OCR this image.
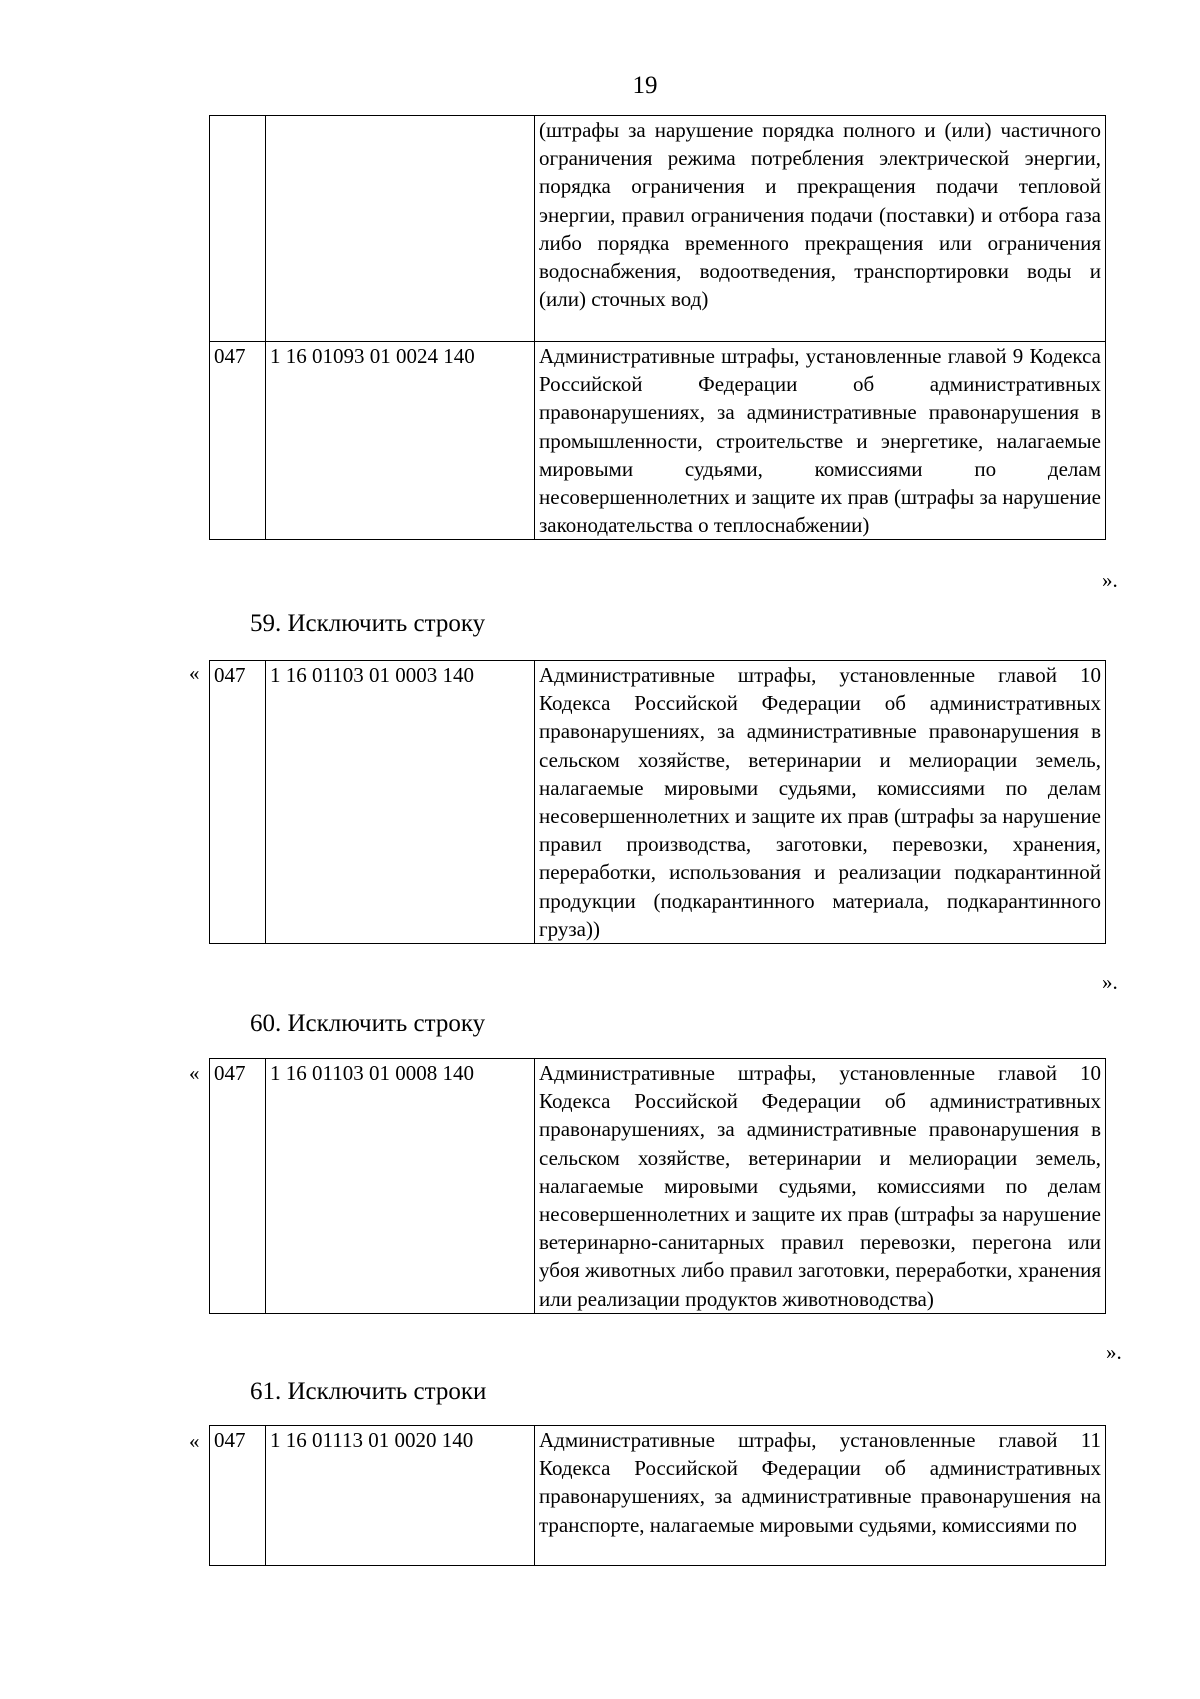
19
		(штрафы за нарушение порядка полного и (или) частичного ограничения режима потребления электрической энергии, порядка ограничения и прекращения подачи тепловой энергии, правил ограничения подачи (поставки) и отбора газа либо порядка временного прекращения или ограничения водоснабжения, водоотведения, транспортировки воды и (или) сточных вод)
047	1 16 01093 01 0024 140	Административные штрафы, установленные главой 9 Кодекса Российской Федерации об административных правонарушениях, за административные правонарушения в промышленности, строительстве и энергетике, налагаемые мировыми судьями, комиссиями по делам несовершеннолетних и защите их прав (штрафы за нарушение законодательства о теплоснабжении)
».
59. Исключить строку
« 047	1 16 01103 01 0003 140	Административные штрафы, установленные главой 10 Кодекса Российской Федерации об административных правонарушениях, за административные правонарушения в сельском хозяйстве, ветеринарии и мелиорации земель, налагаемые мировыми судьями, комиссиями по делам несовершеннолетних и защите их прав (штрафы за нарушение правил производства, заготовки, перевозки, хранения, переработки, использования и реализации подкарантинной продукции (подкарантинного материала, подкарантинного груза))
».
60. Исключить строку
« 047	1 16 01103 01 0008 140	Административные штрафы, установленные главой 10 Кодекса Российской Федерации об административных правонарушениях, за административные правонарушения в сельском хозяйстве, ветеринарии и мелиорации земель, налагаемые мировыми судьями, комиссиями по делам несовершеннолетних и защите их прав (штрафы за нарушение ветеринарно-санитарных правил перевозки, перегона или убоя животных либо правил заготовки, переработки, хранения или реализации продуктов животноводства)
».
61. Исключить строки
« 047	1 16 01113 01 0020 140	Административные штрафы, установленные главой 11 Кодекса Российской Федерации об административных правонарушениях, за административные правонарушения на транспорте, налагаемые мировыми судьями, комиссиями по
